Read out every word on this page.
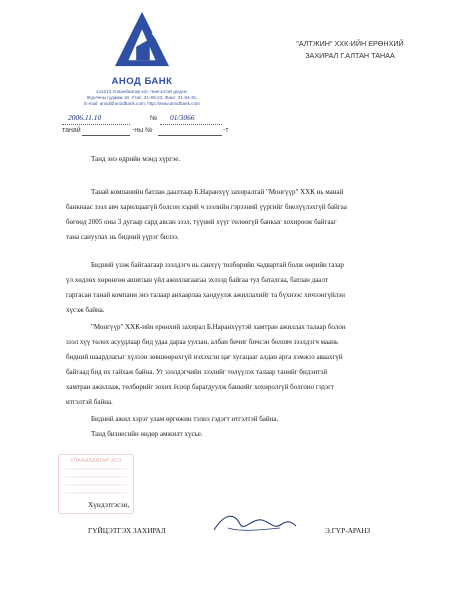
АНОД БАНК
211213 Улаанбаатар хот, Чингэлтэй дүүрэг,
Жуулчны гудамж 18. Утас: 31-89-22. Факс: 31-54-31.
E-mail: anod@anodbank.com; http://www.anodbank.com
"АЛТЖИН" ХХК-ИЙН ЕРӨНХИЙ
ЗАХИРАЛ Г.АЛТАН ТАНАА
2006.11.10	№ 01/3066
танай	-ны №	-т
Танд энэ өдрийн мэнд хүргэе.
Танай компанийн батлан даалтаар Б.Наранхүү захиралтай "Монгүүр" ХХК нь манай
банкнаас зээл авч харилцаагүй болсон хэдий ч зээлийн гэрээний үүргийг биелүүлэхгүй байгаа
бөгөөд 2005 оны 3 дугаар сард авсан зээл, түүний хүүг төлөөгүй банкыг хохироож байгааг
тана сануулах нь бидний үүрэг билээ.
Бидний үзэж байгаагаар зээлдэгч нь санхүү төлбөрийн чадвартай болж өөрийн газар
үл хөдлөх хөрөнгөө ашиглан үйл ажиллагаагаа эхлээд байгаа тул баталгаа, батлан даалт
гаргасан танай компани энэ талаар анхаарлаа хандуулж ажиллахийг та бүхнээс хичээнгүйлэн
хүсэж байна.
"Монгүүр" ХХК-ийн ерөнхий захирал Б.Наранхүүтэй хамтран ажиллах талаар болон
зээл хүү төлөх асуудлаар бид удаа дараа уулзан, албан бичиг бичсэн боловч зээлдэгч маань
бидний шаардлагыг хүлээн зөвшөөрөхгүй нэхэхсэн цаг хугацааг алдан арга хэмжээ аваахгүй
байгаад бид их гайхаж байна. Уг зээлдэгчийн зээлийг төлүүлэх талаар танийг бидэнтэй
хамтран ажиллаж, төлбөрийг зохих ёсоор барагдуулж банкийг хохиролгүй болгоно гэдэгт
итгэлтэй байна.
Бидний ажил хэрэг улам өргөжин тэлнэ гэдэгт итгэлтэй байна.
Танд бизнесийн өндөр амжилт хүсье.
УЛААНБААТАР ХОТ
Хүндэтгэсэн,
ГҮЙЦЭТГЭХ ЗАХИРАЛ	Э.ГҮР-АРАНЗ
